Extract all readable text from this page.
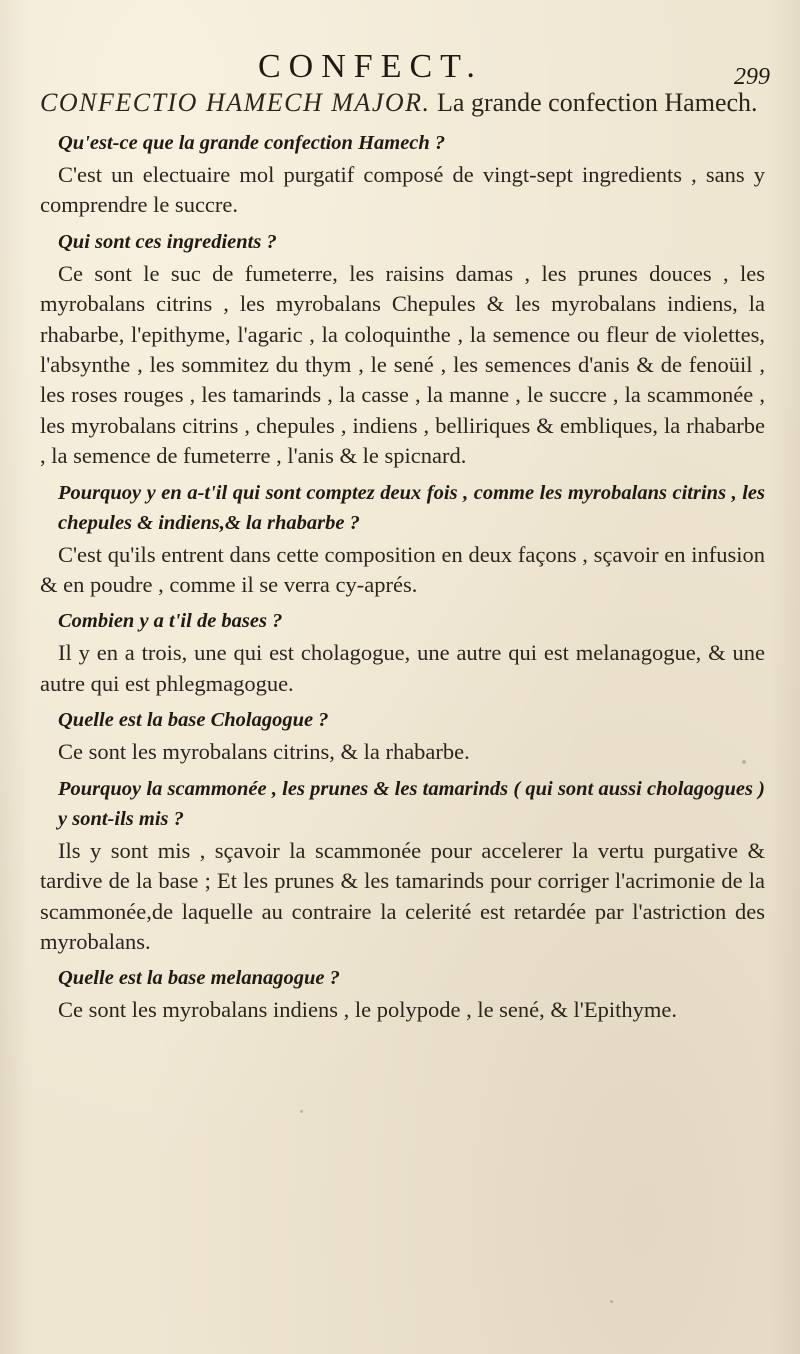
CONFECT.	299

CONFECTIO HAMECH MAJOR. La grande confection Hamech.

Qu'est-ce que la grande confection Hamech ?

C'est un electuaire mol purgatif composé de vingt-sept ingredients , sans y comprendre le succre.

Qui sont ces ingredients ?

Ce sont le suc de fumeterre, les raisins damas , les prunes douces , les myrobalans citrins , les myrobalans Chepules & les myrobalans indiens, la rhabarbe, l'epithyme, l'agaric , la coloquinthe , la semence ou fleur de violettes, l'absynthe , les sommitez du thym , le sené , les semences d'anis & de fenoüil , les roses rouges , les tamarinds , la casse , la manne , le succre , la scammonée , les myrobalans citrins , chepules , indiens , belliriques & embliques, la rhabarbe , la semence de fumeterre , l'anis & le spicnard.

Pourquoy y en a-t'il qui sont comptez deux fois , comme les myrobalans citrins , les chepules & indiens,& la rhabarbe ?

C'est qu'ils entrent dans cette composition en deux façons , sçavoir en infusion & en poudre , comme il se verra cy-aprés.

Combien y a t'il de bases ?

Il y en a trois, une qui est cholagogue, une autre qui est melanagogue, & une autre qui est phlegmagogue.

Quelle est la base Cholagogue ?

Ce sont les myrobalans citrins, & la rhabarbe.

Pourquoy la scammonée , les prunes & les tamarinds ( qui sont aussi cholagogues ) y sont-ils mis ?

Ils y sont mis , sçavoir la scammonée pour accelerer la vertu purgative & tardive de la base ; Et les prunes & les tamarinds pour corriger l'acrimonie de la scammonée,de laquelle au contraire la celerité est retardée par l'astriction des myrobalans.

Quelle est la base melanagogue ?

Ce sont les myrobalans indiens , le polypode , le sené, & l'Epithyme.
